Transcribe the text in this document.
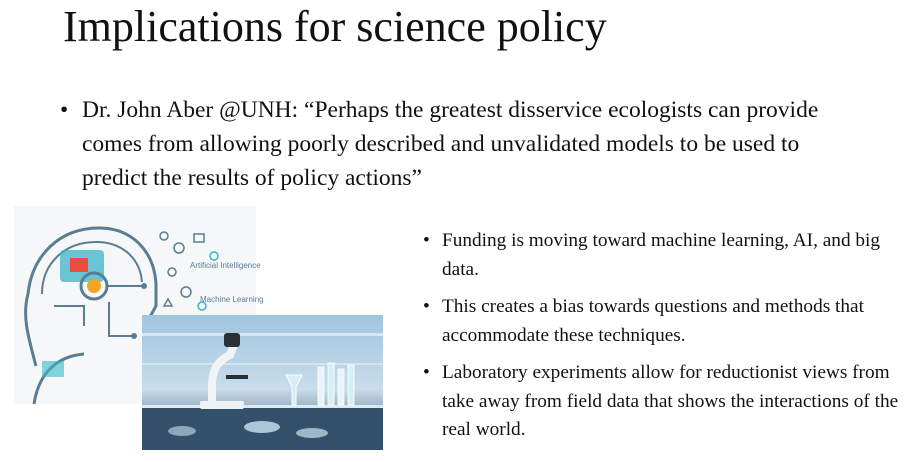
Implications for science policy
• Dr. John Aber @UNH: “Perhaps the greatest disservice ecologists can provide comes from allowing poorly described and unvalidated models to be used to predict the results of policy actions”
Artificial Intelligence
Machine Learning
• Funding is moving toward machine learning, AI, and big data.
• This creates a bias towards questions and methods that accommodate these techniques.
• Laboratory experiments allow for reductionist views from take away from field data that shows the interactions of the real world.
